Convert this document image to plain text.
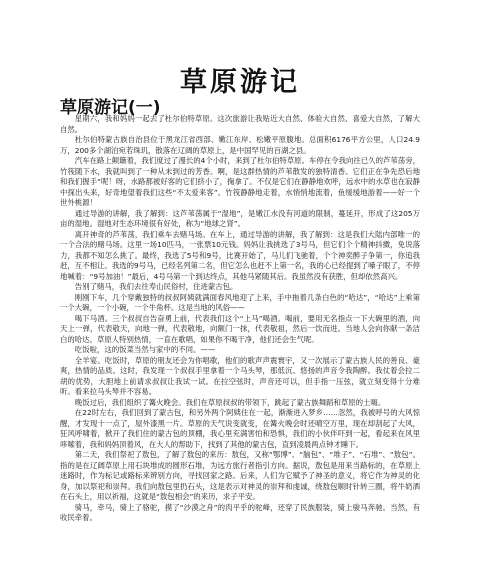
草原游记
草原游记(一)

星期六，我和妈妈一起去了杜尔伯特草原。这次旅游让我贴近大自然、体验大自然、喜爱大自然，了解大自然。

杜尔伯特蒙古族自治县位于黑龙江省西部、嫩江东岸、松嫩平原腹地。总面积6176平方公里，人口24.9万，200多个湖泊宛若珠玑，散落在辽阔的草原上，是中国罕见的百湖之县。

汽车在路上颠簸着，我们度过了漫长的4个小时，来到了杜尔伯特草原。车停在令我向往已久的芦苇荡旁，竹筏随下水，我就叫到了一种从未到过的芳香。啊，是这群热情的芦苇散发的独特清香。它们正在争先恐后地和我们握手“呢！呀，水路都被好客的它们挤小了，掬拿了。不仅是它们在静静地欢呼，远水中的水草也在寂静中探出头来，好奇地望着我们这些“不太爱来客”。竹筏静静地走着，水悄悄地流着，鱼缓缓地游着——好一个世外桃源！

通过导游的讲解，我了解到：这芦苇荡属于“湿地”，是嫩江水没有河道的限制，蔓延开，形成了这205万亩的湿地。湿地对生态环境很有好处，称为“地球之肾”。

离开神奇的芦苇荡，我们乘车去赌马场。在车上，通过导游的讲解，我了解到：这是我们大陆内部唯一的一个合法的赌马场。这里一场10匹马，一张票10元钱。妈妈让我挑选了3号马，但它们个个精神抖擞，免说落力，我都不知怎么挑了。最终，我选了5号和9号，比赛开始了，马儿们飞驰着，个个神奕醉子争第一，你追我赶，互不相让。我选的9号马，已经名列第二名，但它怎么也赶不上第一名，我的心已经提到了嗓子眼了，不停地喊着：“9号加油！”最后，4号马第一个到达终点，其他马紧随其后。我虽然没有获胜，但却依然高兴。

告别了赌马，我们去往寿山民俗村，住进蒙古包。

刚刚下车，几个穿戴独特的叔叔阿姨就满面春风地迎了上来，手中拖着几条白色的“哈达”，“哈达”上乘第一个大碗，一个小碗，一个牛角杯。这是当地的风俗——

喝下马酒。三个叔叔自告奋勇上前，代表我们这个“上马”喝酒。喝前，要用无名指点一下大碗里的酒，向天上一弹，代表敬天，向地一弹，代表敬地，向额门一抹，代表敬祖，然后一饮而进。当地人会向你献一条洁白的哈达。草原人特别热情，一直在歌唱，如果你不喝干净，他们还会生气呢。

吃饭啦，这的饭菜当然与家中的不同。——

全羊宴。吃饭时，草原的朋友还会为你唱歌，他们的歌声声震寰宇，又一次展示了蒙古族人民的善良、豪爽，热情的品质。这时，我发现一个叔叔手里拿着一个马头琴，那低沉、悠扬的声音令我陶醉。我仗着会拉二胡的优势，大胆地上前请求叔叔让我试一试。在拉空弦时，声音还可以，但手指一压弦，就立刻变得十分难听。看来拉马头琴并不容易。

晚饭过后，我们组织了篝火晚会。我们在草原叔叔的带领下，跳起了蒙古族舞蹈和草原的土嗨。

在22时左右，我们回到了蒙古包，和另外两个阿姨住在一起，渐渐进入梦乡……忽然，我被呼号的大风惊醒，才发现十一点了，屋外漆黑一片。草原的天气说变就变，在篝火晚会时还晴空万里，现在却刮起了大风，狂风呼啸着，掀开了我们住的蒙古包的顶棚，我心里充满害怕和恐惧，我们的小伙伴吓到一起，看起来在风里哆嗦着，我和妈妈顶着风，在大人的帮助下，找到了其他的蒙古包，直到凌晨两点钟才睡下。

第二天，我们祭祀了敖包，了解了敖包的来历：敖包，又称“鄂博”、“脑包”、“堆子”、“石堆”、“敖包”。指的是在辽阔草原上用石块堆成的圆形石堆，为远方旅行者指引方向。据说，敖包是用来当路标的，在草原上迷路时，作为标记或路标来辨别方向，寻找回家之路。后来，人们为它赋予了神圣的意义，将它作为神灵的化身，加以祭祀和崇拜。我们向敖包里扔石头，这是表示对神灵的崇拜和虔诚，绕敖包顺时针转三圈，将牛奶洒在石头上，用以祈福，这就是“敖包相会”的来历，求子平安。

骑马，牵马，骑上了骆驼，摸了“沙漠之舟”的肉平乎的驼峰，还穿了民族服装，骑上骏马奔驰。当然，有收民牵着。
